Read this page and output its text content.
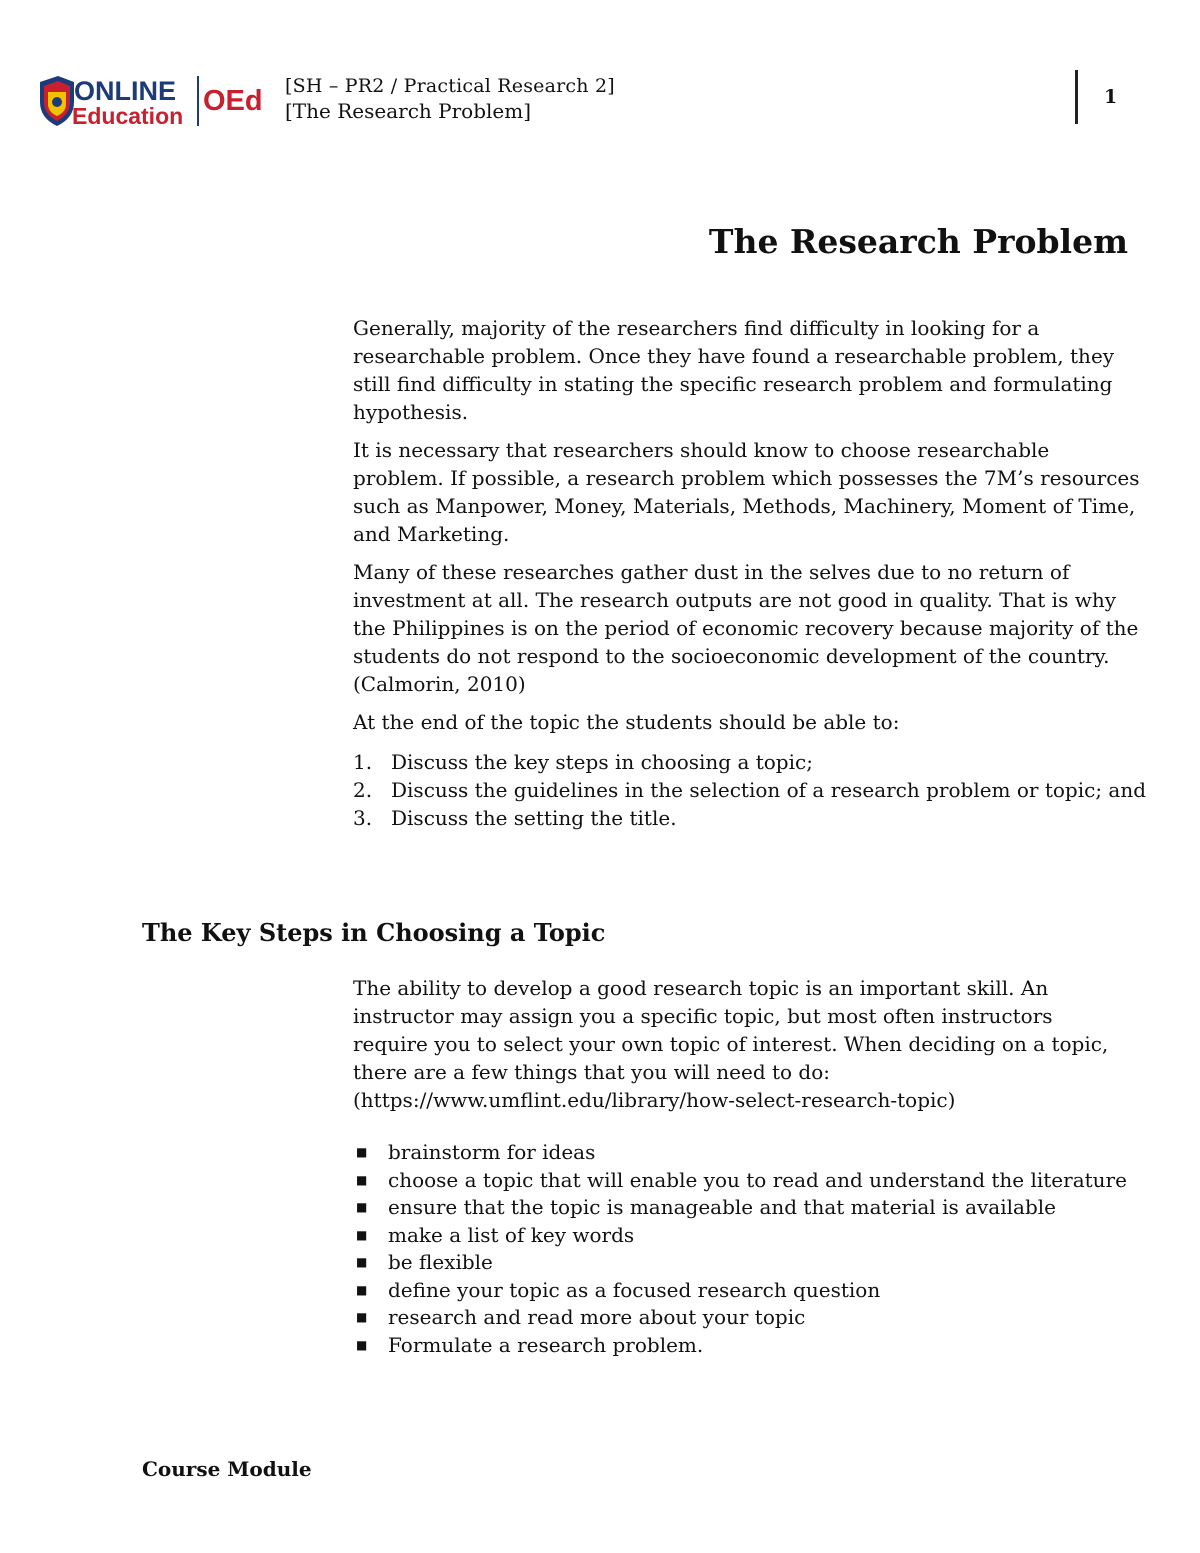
ONLINE
Education OEd [SH – PR2 / Practical Research 2]
[The Research Problem]
1
The Research Problem

Generally, majority of the researchers find difficulty in looking for a researchable problem. Once they have found a researchable problem, they still find difficulty in stating the specific research problem and formulating hypothesis.

It is necessary that researchers should know to choose researchable problem. If possible, a research problem which possesses the 7M’s resources such as Manpower, Money, Materials, Methods, Machinery, Moment of Time, and Marketing.

Many of these researches gather dust in the selves due to no return of investment at all. The research outputs are not good in quality. That is why the Philippines is on the period of economic recovery because majority of the students do not respond to the socioeconomic development of the country. (Calmorin, 2010)

At the end of the topic the students should be able to:

1. Discuss the key steps in choosing a topic;
2. Discuss the guidelines in the selection of a research problem or topic; and
3. Discuss the setting the title.
The Key Steps in Choosing a Topic
The ability to develop a good research topic is an important skill. An instructor may assign you a specific topic, but most often instructors require you to select your own topic of interest. When deciding on a topic, there are a few things that you will need to do: (https://www.umflint.edu/library/how-select-research-topic)
■	brainstorm for ideas
■	choose a topic that will enable you to read and understand the literature
■	ensure that the topic is manageable and that material is available
■	make a list of key words
■	be flexible
■	define your topic as a focused research question
■	research and read more about your topic
■	Formulate a research problem.
Course Module
